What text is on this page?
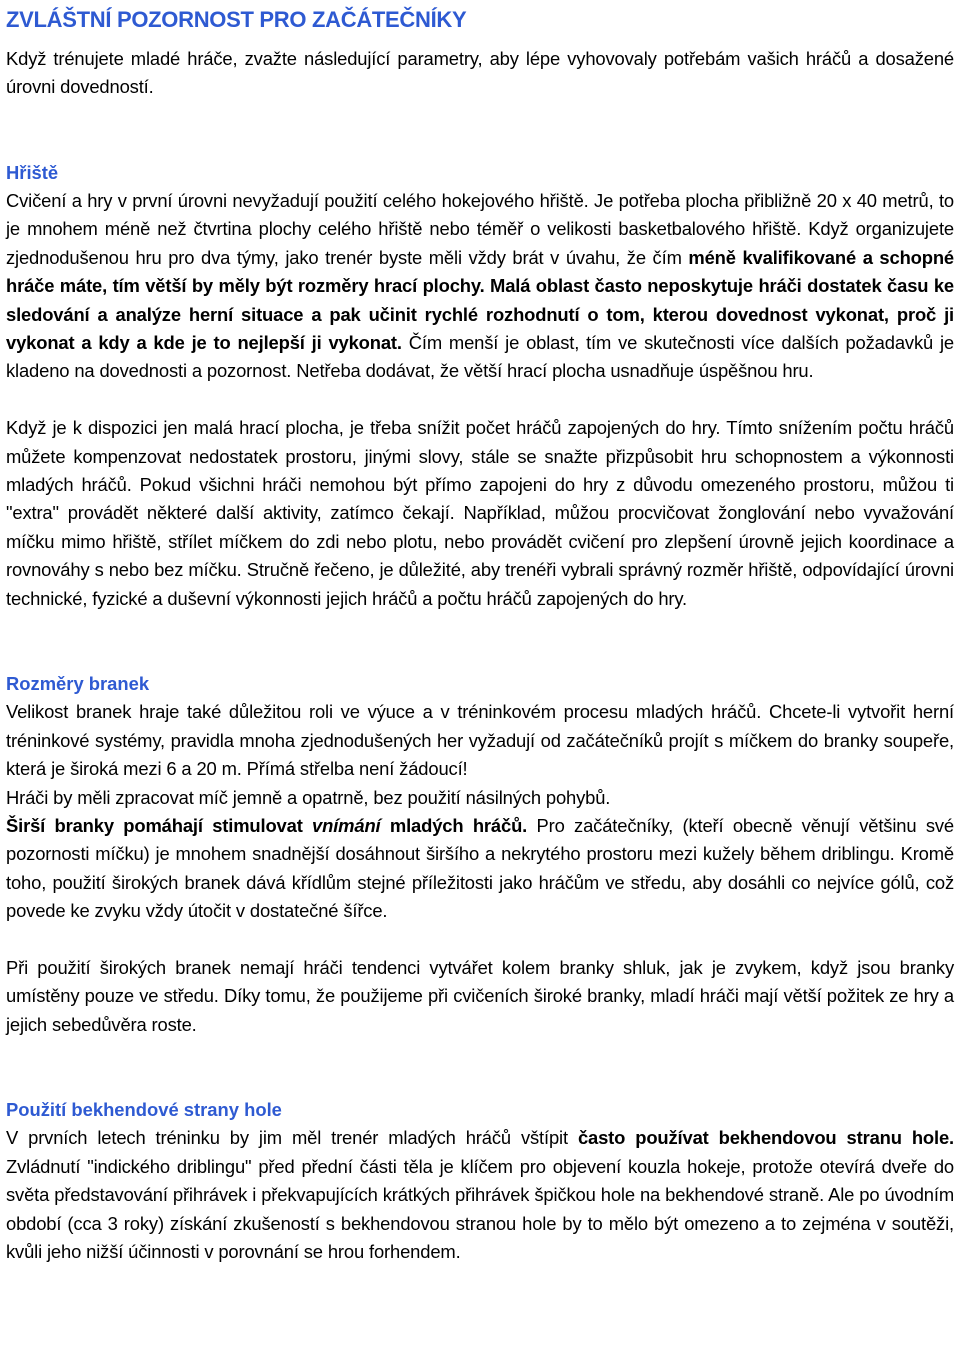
ZVLÁŠTNÍ POZORNOST PRO ZAČÁTEČNÍKY

Když trénujete mladé hráče, zvažte následující parametry, aby lépe vyhovovaly potřebám vašich hráčů a dosažené úrovni dovedností.

Hřiště

Cvičení a hry v první úrovni nevyžadují použití celého hokejového hřiště. Je potřeba plocha přibližně 20 x 40 metrů, to je mnohem méně než čtvrtina plochy celého hřiště nebo téměř o velikosti basketbalového hřiště. Když organizujete zjednodušenou hru pro dva týmy, jako trenér byste měli vždy brát v úvahu, že čím méně kvalifikované a schopné hráče máte, tím větší by měly být rozměry hrací plochy. Malá oblast často neposkytuje hráči dostatek času ke sledování a analýze herní situace a pak učinit rychlé rozhodnutí o tom, kterou dovednost vykonat, proč ji vykonat a kdy a kde je to nejlepší ji vykonat. Čím menší je oblast, tím ve skutečnosti více dalších požadavků je kladeno na dovednosti a pozornost. Netřeba dodávat, že větší hrací plocha usnadňuje úspěšnou hru.

Když je k dispozici jen malá hrací plocha, je třeba snížit počet hráčů zapojených do hry. Tímto snížením počtu hráčů můžete kompenzovat nedostatek prostoru, jinými slovy, stále se snažte přizpůsobit hru schopnostem a výkonnosti mladých hráčů. Pokud všichni hráči nemohou být přímo zapojeni do hry z důvodu omezeného prostoru, můžou ti "extra" provádět některé další aktivity, zatímco čekají. Například, můžou procvičovat žonglování nebo vyvažování míčku mimo hřiště, střílet míčkem do zdi nebo plotu, nebo provádět cvičení pro zlepšení úrovně jejich koordinace a rovnováhy s nebo bez míčku. Stručně řečeno, je důležité, aby trenéři vybrali správný rozměr hřiště, odpovídající úrovni technické, fyzické a duševní výkonnosti jejich hráčů a počtu hráčů zapojených do hry.

Rozměry branek

Velikost branek hraje také důležitou roli ve výuce a v tréninkovém procesu mladých hráčů. Chcete-li vytvořit herní tréninkové systémy, pravidla mnoha zjednodušených her vyžadují od začátečníků projít s míčkem do branky soupeře, která je široká mezi 6 a 20 m. Přímá střelba není žádoucí!

Hráči by měli zpracovat míč jemně a opatrně, bez použití násilných pohybů.

Širší branky pomáhají stimulovat vnímání mladých hráčů. Pro začátečníky, (kteří obecně věnují většinu své pozornosti míčku) je mnohem snadnější dosáhnout širšího a nekrytého prostoru mezi kužely během driblingu. Kromě toho, použití širokých branek dává křídlům stejné příležitosti jako hráčům ve středu, aby dosáhli co nejvíce gólů, což povede ke zvyku vždy útočit v dostatečné šířce.

Při použití širokých branek nemají hráči tendenci vytvářet kolem branky shluk, jak je zvykem, když jsou branky umístěny pouze ve středu. Díky tomu, že použijeme při cvičeních široké branky, mladí hráči mají větší požitek ze hry a jejich sebedůvěra roste.

Použití bekhendové strany hole

V prvních letech tréninku by jim měl trenér mladých hráčů vštípit často používat bekhendovou stranu hole. Zvládnutí "indického driblingu" před přední části těla je klíčem pro objevení kouzla hokeje, protože otevírá dveře do světa představování přihrávek i překvapujících krátkých přihrávek špičkou hole na bekhendové straně. Ale po úvodním období (cca 3 roky) získání zkušeností s bekhendovou stranou hole by to mělo být omezeno a to zejména v soutěži, kvůli jeho nižší účinnosti v porovnání se hrou forhendem.
